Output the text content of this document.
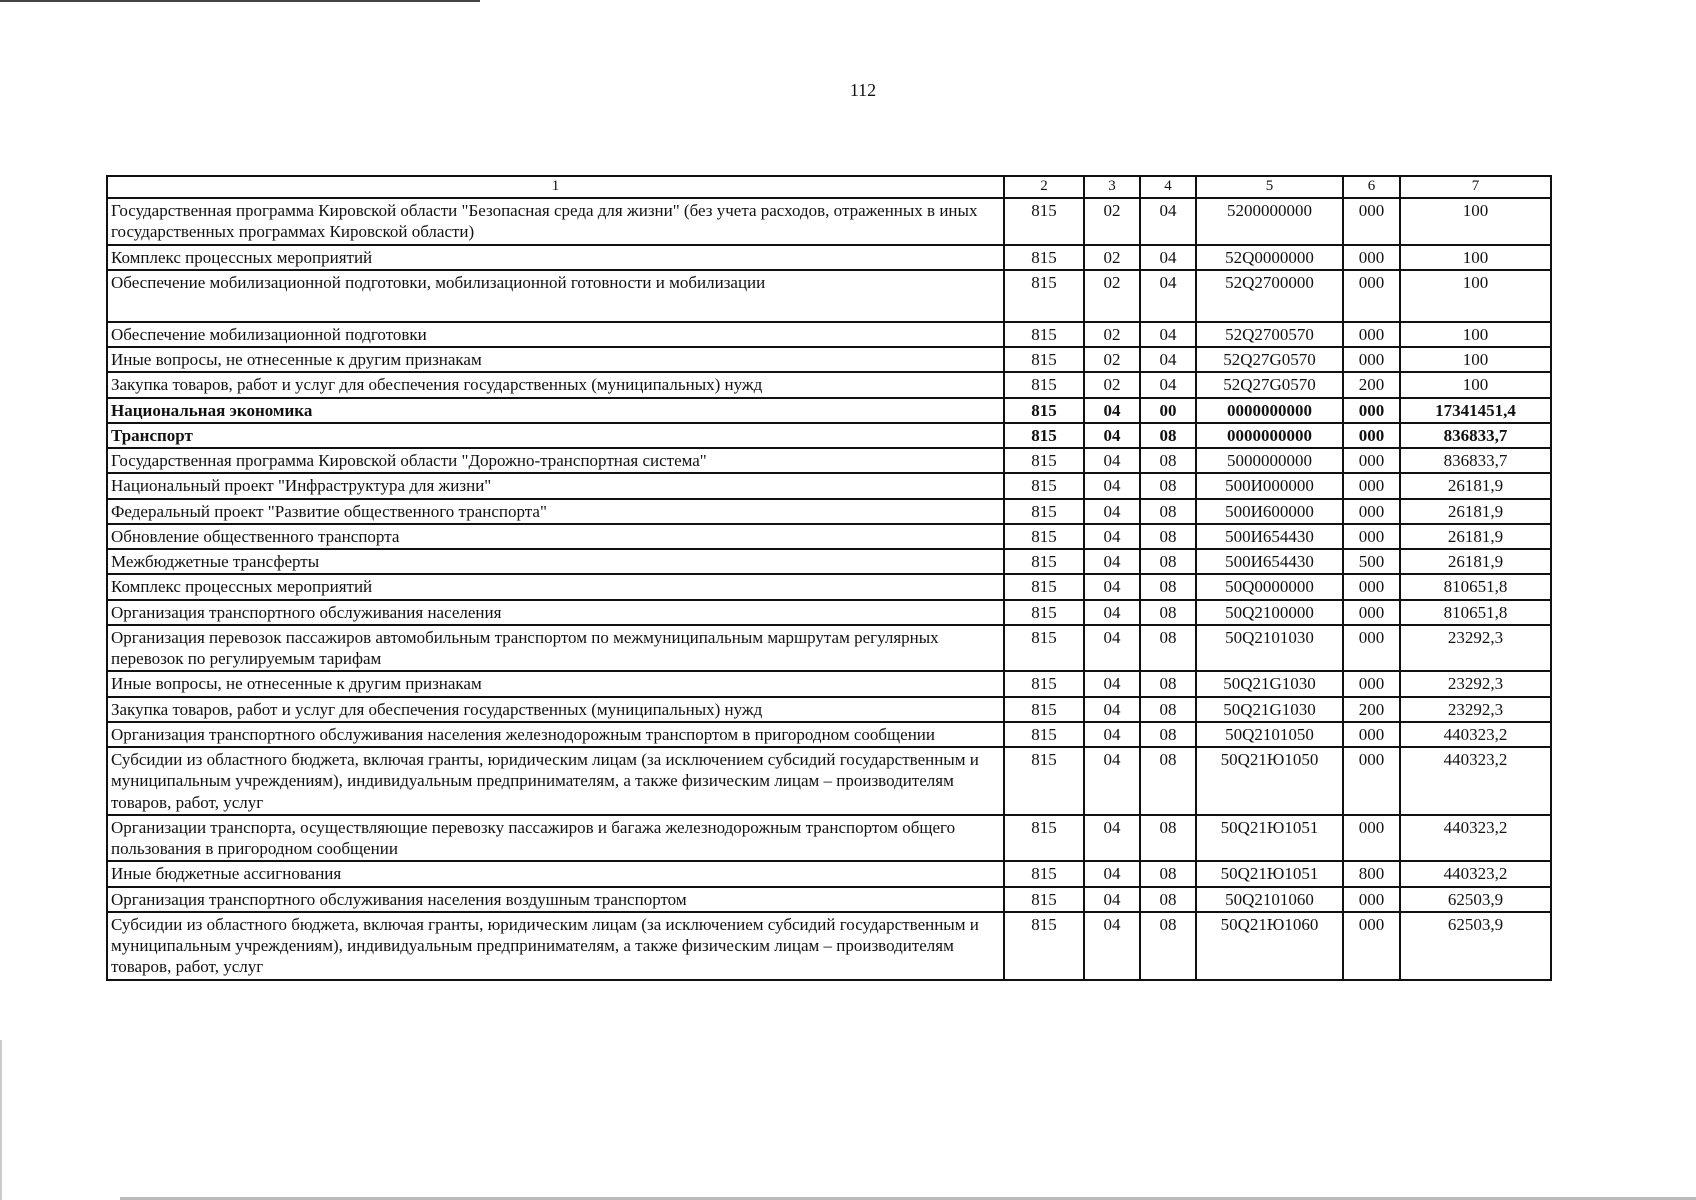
112
1	2	3	4	5	6	7
Государственная программа Кировской области "Безопасная среда для жизни" (без учета расходов, отраженных в иных государственных программах Кировской области)	815	02	04	5200000000	000	100
Комплекс процессных мероприятий	815	02	04	52Q0000000	000	100
Обеспечение мобилизационной подготовки, мобилизационной готовности и мобилизации	815	02	04	52Q2700000	000	100
Обеспечение мобилизационной подготовки	815	02	04	52Q2700570	000	100
Иные вопросы, не отнесенные к другим признакам	815	02	04	52Q27G0570	000	100
Закупка товаров, работ и услуг для обеспечения государственных (муниципальных) нужд	815	02	04	52Q27G0570	200	100
Национальная экономика	815	04	00	0000000000	000	17341451,4
Транспорт	815	04	08	0000000000	000	836833,7
Государственная программа Кировской области "Дорожно-транспортная система"	815	04	08	5000000000	000	836833,7
Национальный проект "Инфраструктура для жизни"	815	04	08	500И000000	000	26181,9
Федеральный проект "Развитие общественного транспорта"	815	04	08	500И600000	000	26181,9
Обновление общественного транспорта	815	04	08	500И654430	000	26181,9
Межбюджетные трансферты	815	04	08	500И654430	500	26181,9
Комплекс процессных мероприятий	815	04	08	50Q0000000	000	810651,8
Организация транспортного обслуживания населения	815	04	08	50Q2100000	000	810651,8
Организация перевозок пассажиров автомобильным транспортом по межмуниципальным маршрутам регулярных перевозок по регулируемым тарифам	815	04	08	50Q2101030	000	23292,3
Иные вопросы, не отнесенные к другим признакам	815	04	08	50Q21G1030	000	23292,3
Закупка товаров, работ и услуг для обеспечения государственных (муниципальных) нужд	815	04	08	50Q21G1030	200	23292,3
Организация транспортного обслуживания населения железнодорожным транспортом в пригородном сообщении	815	04	08	50Q2101050	000	440323,2
Субсидии из областного бюджета, включая гранты, юридическим лицам (за исключением субсидий государственным и муниципальным учреждениям), индивидуальным предпринимателям, а также физическим лицам – производителям товаров, работ, услуг	815	04	08	50Q21Ю1050	000	440323,2
Организации транспорта, осуществляющие перевозку пассажиров и багажа железнодорожным транспортом общего пользования в пригородном сообщении	815	04	08	50Q21Ю1051	000	440323,2
Иные бюджетные ассигнования	815	04	08	50Q21Ю1051	800	440323,2
Организация транспортного обслуживания населения воздушным транспортом	815	04	08	50Q2101060	000	62503,9
Субсидии из областного бюджета, включая гранты, юридическим лицам (за исключением субсидий государственным и муниципальным учреждениям), индивидуальным предпринимателям, а также физическим лицам – производителям товаров, работ, услуг	815	04	08	50Q21Ю1060	000	62503,9
